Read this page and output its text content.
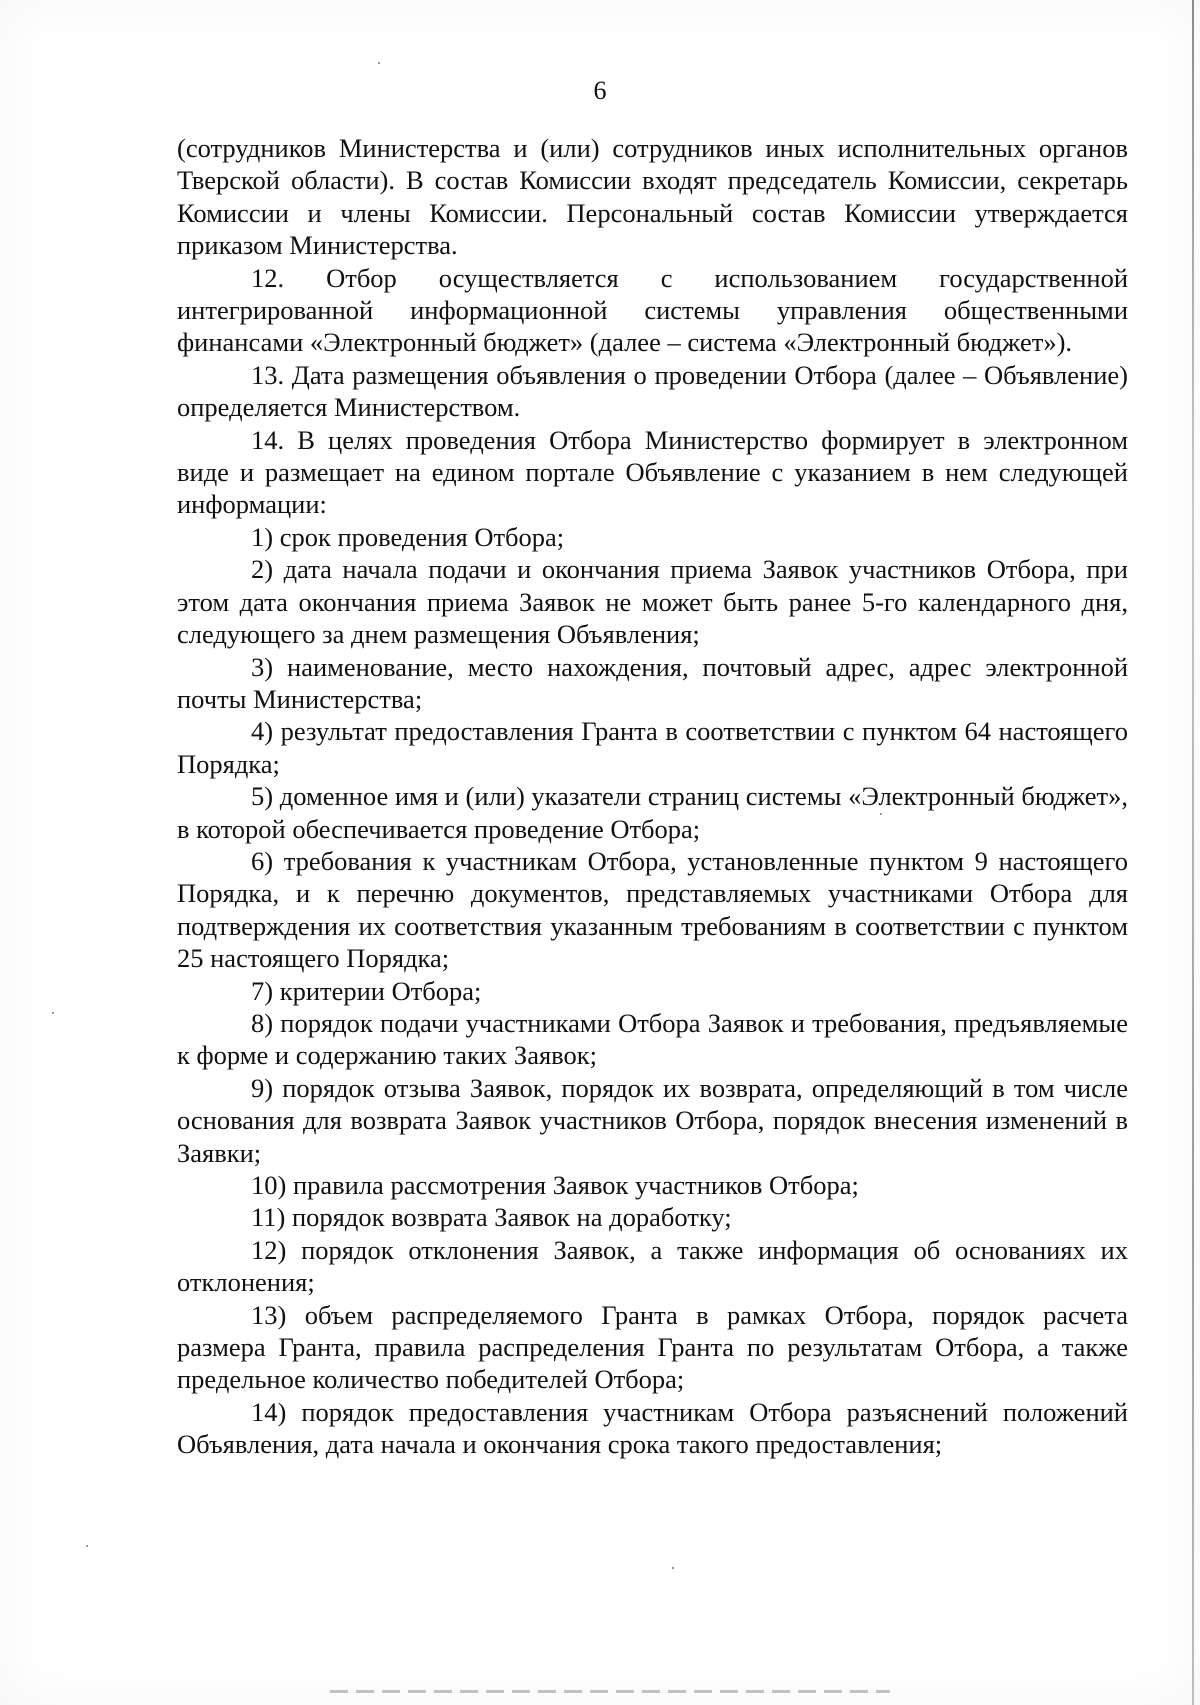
6

(сотрудников Министерства и (или) сотрудников иных исполнительных органов Тверской области). В состав Комиссии входят председатель Комиссии, секретарь Комиссии и члены Комиссии. Персональный состав Комиссии утверждается приказом Министерства.

12. Отбор осуществляется с использованием государственной интегрированной информационной системы управления общественными финансами «Электронный бюджет» (далее – система «Электронный бюджет»).

13. Дата размещения объявления о проведении Отбора (далее – Объявление) определяется Министерством.

14. В целях проведения Отбора Министерство формирует в электронном виде и размещает на едином портале Объявление с указанием в нем следующей информации:

1) срок проведения Отбора;

2) дата начала подачи и окончания приема Заявок участников Отбора, при этом дата окончания приема Заявок не может быть ранее 5-го календарного дня, следующего за днем размещения Объявления;

3) наименование, место нахождения, почтовый адрес, адрес электронной почты Министерства;

4) результат предоставления Гранта в соответствии с пунктом 64 настоящего Порядка;

5) доменное имя и (или) указатели страниц системы «Электронный бюджет», в которой обеспечивается проведение Отбора;

6) требования к участникам Отбора, установленные пунктом 9 настоящего Порядка, и к перечню документов, представляемых участниками Отбора для подтверждения их соответствия указанным требованиям в соответствии с пунктом 25 настоящего Порядка;

7) критерии Отбора;

8) порядок подачи участниками Отбора Заявок и требования, предъявляемые к форме и содержанию таких Заявок;

9) порядок отзыва Заявок, порядок их возврата, определяющий в том числе основания для возврата Заявок участников Отбора, порядок внесения изменений в Заявки;

10) правила рассмотрения Заявок участников Отбора;

11) порядок возврата Заявок на доработку;

12) порядок отклонения Заявок, а также информация об основаниях их отклонения;

13) объем распределяемого Гранта в рамках Отбора, порядок расчета размера Гранта, правила распределения Гранта по результатам Отбора, а также предельное количество победителей Отбора;

14) порядок предоставления участникам Отбора разъяснений положений Объявления, дата начала и окончания срока такого предоставления;
